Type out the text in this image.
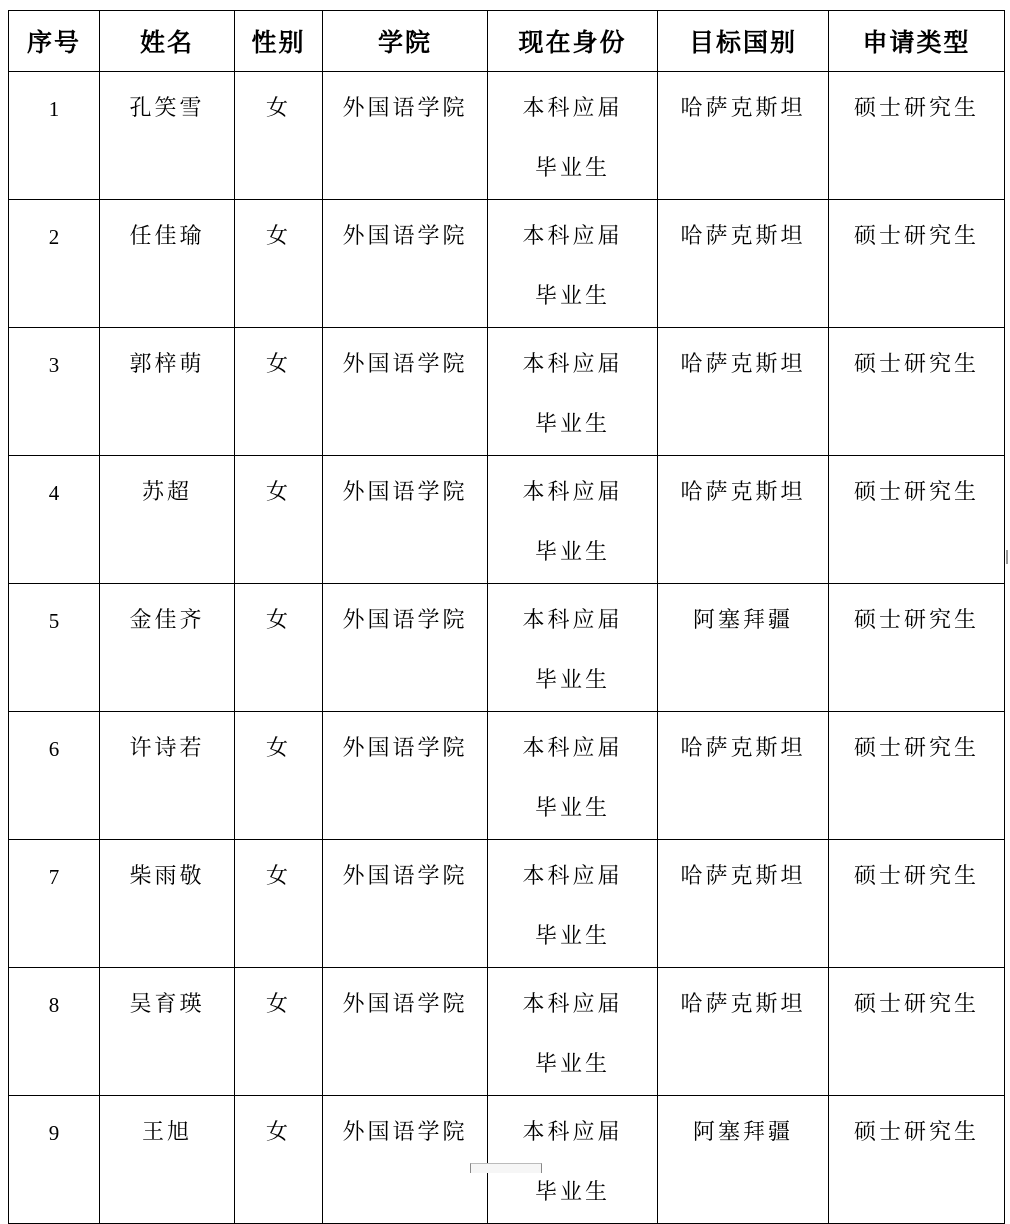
序号	姓名	性别	学院	现在身份	目标国别	申请类型

1	孔笑雪	女	外国语学院	本科应届毕业生	哈萨克斯坦	硕士研究生

2	任佳瑜	女	外国语学院	本科应届毕业生	哈萨克斯坦	硕士研究生

3	郭梓萌	女	外国语学院	本科应届毕业生	哈萨克斯坦	硕士研究生

4	苏超	女	外国语学院	本科应届毕业生	哈萨克斯坦	硕士研究生

5	金佳齐	女	外国语学院	本科应届毕业生	阿塞拜疆	硕士研究生

6	许诗若	女	外国语学院	本科应届毕业生	哈萨克斯坦	硕士研究生

7	柴雨敬	女	外国语学院	本科应届毕业生	哈萨克斯坦	硕士研究生

8	吴育瑛	女	外国语学院	本科应届毕业生	哈萨克斯坦	硕士研究生

9	王旭	女	外国语学院	本科应届毕业生	阿塞拜疆	硕士研究生
